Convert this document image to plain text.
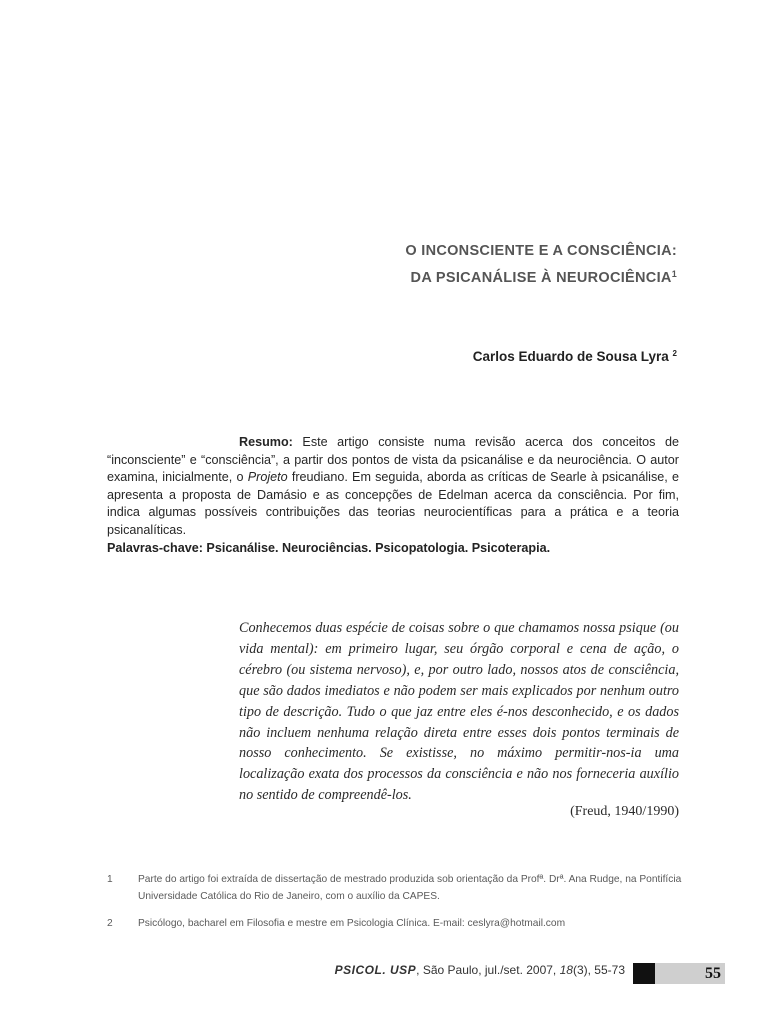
O INCONSCIENTE E A CONSCIÊNCIA:
DA PSICANÁLISE À NEUROCIÊNCIA$^1$
Carlos Eduardo de Sousa Lyra $^2$
Resumo: Este artigo consiste numa revisão acerca dos conceitos de “inconsciente” e “consciência”, a partir dos pontos de vista da psicanálise e da neurociência. O autor examina, inicialmente, o Projeto freudiano. Em seguida, aborda as críticas de Searle à psicanálise, e apresenta a proposta de Damásio e as concepções de Edelman acerca da consciência. Por fim, indica algumas possíveis contribuições das teorias neurocientíficas para a prática e a teoria psicanalíticas.
Palavras-chave: Psicanálise. Neurociências. Psicopatologia. Psicoterapia.
Conhecemos duas espécie de coisas sobre o que chamamos nossa psique (ou vida mental): em primeiro lugar, seu órgão corporal e cena de ação, o cérebro (ou sistema nervoso), e, por outro lado, nossos atos de consciência, que são dados imediatos e não podem ser mais explicados por nenhum outro tipo de descrição. Tudo o que jaz entre eles é-nos desconhecido, e os dados não incluem nenhuma relação direta entre esses dois pontos terminais de nosso conhecimento. Se existisse, no máximo permitir-nos-ia uma localização exata dos processos da consciência e não nos forneceria auxílio no sentido de compreendê-los.
(Freud, 1940/1990)
1 Parte do artigo foi extraída de dissertação de mestrado produzida sob orientação da Profª. Drª. Ana Rudge, na Pontifícia Universidade Católica do Rio de Janeiro, com o auxílio da CAPES.
2 Psicólogo, bacharel em Filosofia e mestre em Psicologia Clínica. E-mail: ceslyra@hotmail.com
PSICOL. USP, São Paulo, jul./set. 2007, 18(3), 55-73	55
